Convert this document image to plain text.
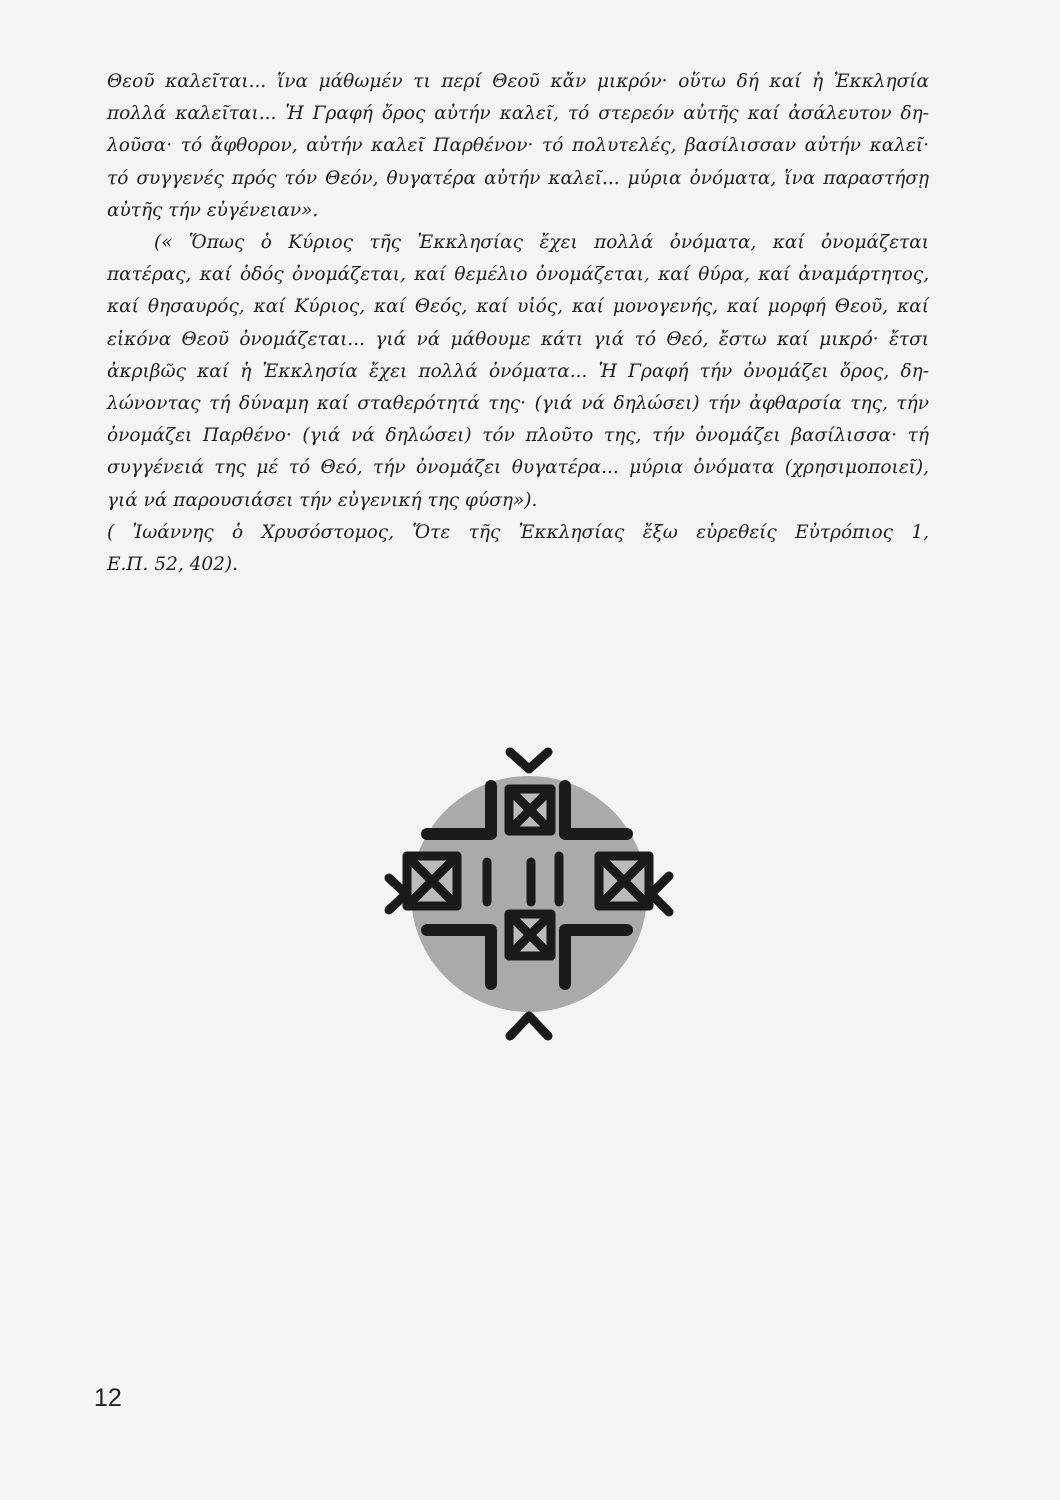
Θεοῦ καλεῖται... ἵνα μάθωμέν τι περί Θεοῦ κἄν μικρόν· οὕτω δή καί ἡ Ἐκκλησία
πολλά καλεῖται... Ἡ Γραφή ὄρος αὐτήν καλεῖ, τό στερεόν αὐτῆς καί ἀσάλευτον δη-
λοῦσα· τό ἄφθορον, αὐτήν καλεῖ Παρθένον· τό πολυτελές, βασίλισσαν αὐτήν καλεῖ·
τό συγγενές πρός τόν Θεόν, θυγατέρα αὐτήν καλεῖ... μύρια ὀνόματα, ἵνα παραστήσῃ
αὐτῆς τήν εὐγένειαν».
(« Ὅπως ὁ Κύριος τῆς Ἐκκλησίας ἔχει πολλά ὀνόματα, καί ὀνομάζεται
πατέρας, καί ὁδός ὀνομάζεται, καί θεμέλιο ὀνομάζεται, καί θύρα, καί ἀναμάρτητος,
καί θησαυρός, καί Κύριος, καί Θεός, καί υἱός, καί μονογενής, καί μορφή Θεοῦ, καί
εἰκόνα Θεοῦ ὀνομάζεται... γιά νά μάθουμε κάτι γιά τό Θεό, ἔστω καί μικρό· ἔτσι
ἀκριβῶς καί ἡ Ἐκκλησία ἔχει πολλά ὀνόματα... Ἡ Γραφή τήν ὀνομάζει ὄρος, δη-
λώνοντας τή δύναμη καί σταθερότητά της· (γιά νά δηλώσει) τήν ἀφθαρσία της, τήν
ὀνομάζει Παρθένο· (γιά νά δηλώσει) τόν πλοῦτο της, τήν ὀνομάζει βασίλισσα· τή
συγγένειά της μέ τό Θεό, τήν ὀνομάζει θυγατέρα... μύρια ὀνόματα (χρησιμοποιεῖ),
γιά νά παρουσιάσει τήν εὐγενική της φύση»).
( Ἰωάννης ὁ Χρυσόστομος, Ὅτε τῆς Ἐκκλησίας ἔξω εὑρεθείς Εὐτρόπιος 1,
Ε.Π. 52, 402).
12
